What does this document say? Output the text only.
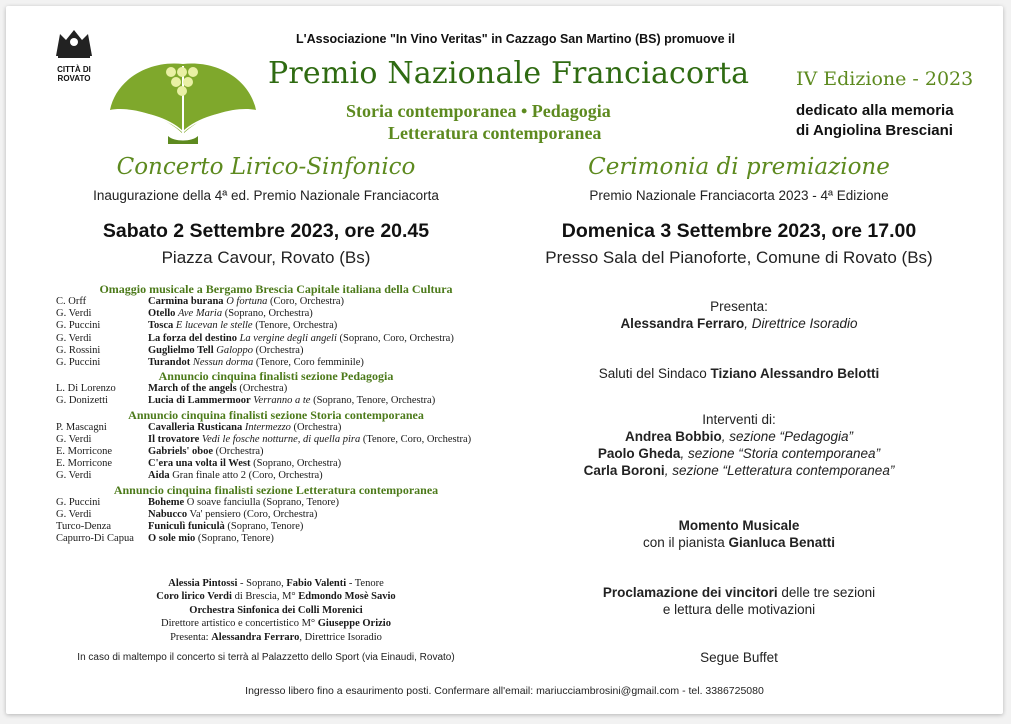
CITTÀ DI
ROVATO
L'Associazione "In Vino Veritas" in Cazzago San Martino (BS) promuove il
Premio Nazionale Franciacorta IV Edizione - 2023
Storia contemporanea • Pedagogia
Letteratura contemporanea
dedicato alla memoria
di Angiolina Bresciani
Concerto Lirico-Sinfonico
Inaugurazione della 4ª ed. Premio Nazionale Franciacorta
Sabato 2 Settembre 2023, ore 20.45
Piazza Cavour, Rovato (Bs)
Omaggio musicale a Bergamo Brescia Capitale italiana della Cultura
C. Orff	Carmina burana O fortuna (Coro, Orchestra)
G. Verdi	Otello Ave Maria (Soprano, Orchestra)
G. Puccini	Tosca E lucevan le stelle (Tenore, Orchestra)
G. Verdi	La forza del destino La vergine degli angeli (Soprano, Coro, Orchestra)
G. Rossini	Guglielmo Tell Galoppo (Orchestra)
G. Puccini	Turandot Nessun dorma (Tenore, Coro femminile)
Annuncio cinquina finalisti sezione Pedagogia
L. Di Lorenzo	March of the angels (Orchestra)
G. Donizetti	Lucia di Lammermoor Verranno a te (Soprano, Tenore, Orchestra)
Annuncio cinquina finalisti sezione Storia contemporanea
P. Mascagni	Cavalleria Rusticana Intermezzo (Orchestra)
G. Verdi	Il trovatore Vedi le fosche notturne, di quella pira (Tenore, Coro, Orchestra)
E. Morricone	Gabriels' oboe (Orchestra)
E. Morricone	C'era una volta il West (Soprano, Orchestra)
G. Verdi	Aida Gran finale atto 2 (Coro, Orchestra)
Annuncio cinquina finalisti sezione Letteratura contemporanea
G. Puccini	Boheme O soave fanciulla (Soprano, Tenore)
G. Verdi	Nabucco Va' pensiero (Coro, Orchestra)
Turco-Denza	Funiculì funiculà (Soprano, Tenore)
Capurro-Di Capua	O sole mio (Soprano, Tenore)
Alessia Pintossi - Soprano, Fabio Valenti - Tenore
Coro lirico Verdi di Brescia, M° Edmondo Mosè Savio
Orchestra Sinfonica dei Colli Morenici
Direttore artistico e concertistico M° Giuseppe Orizio
Presenta: Alessandra Ferraro, Direttrice Isoradio
In caso di maltempo il concerto si terrà al Palazzetto dello Sport (via Einaudi, Rovato)
Cerimonia di premiazione
Premio Nazionale Franciacorta 2023 - 4ª Edizione
Domenica 3 Settembre 2023, ore 17.00
Presso Sala del Pianoforte, Comune di Rovato (Bs)
Presenta:
Alessandra Ferraro, Direttrice Isoradio
Saluti del Sindaco Tiziano Alessandro Belotti
Interventi di:
Andrea Bobbio, sezione “Pedagogia”
Paolo Gheda, sezione “Storia contemporanea”
Carla Boroni, sezione “Letteratura contemporanea”
Momento Musicale
con il pianista Gianluca Benatti
Proclamazione dei vincitori delle tre sezioni
e lettura delle motivazioni
Segue Buffet
Ingresso libero fino a esaurimento posti. Confermare all'email: mariucciambrosini@gmail.com - tel. 3386725080
